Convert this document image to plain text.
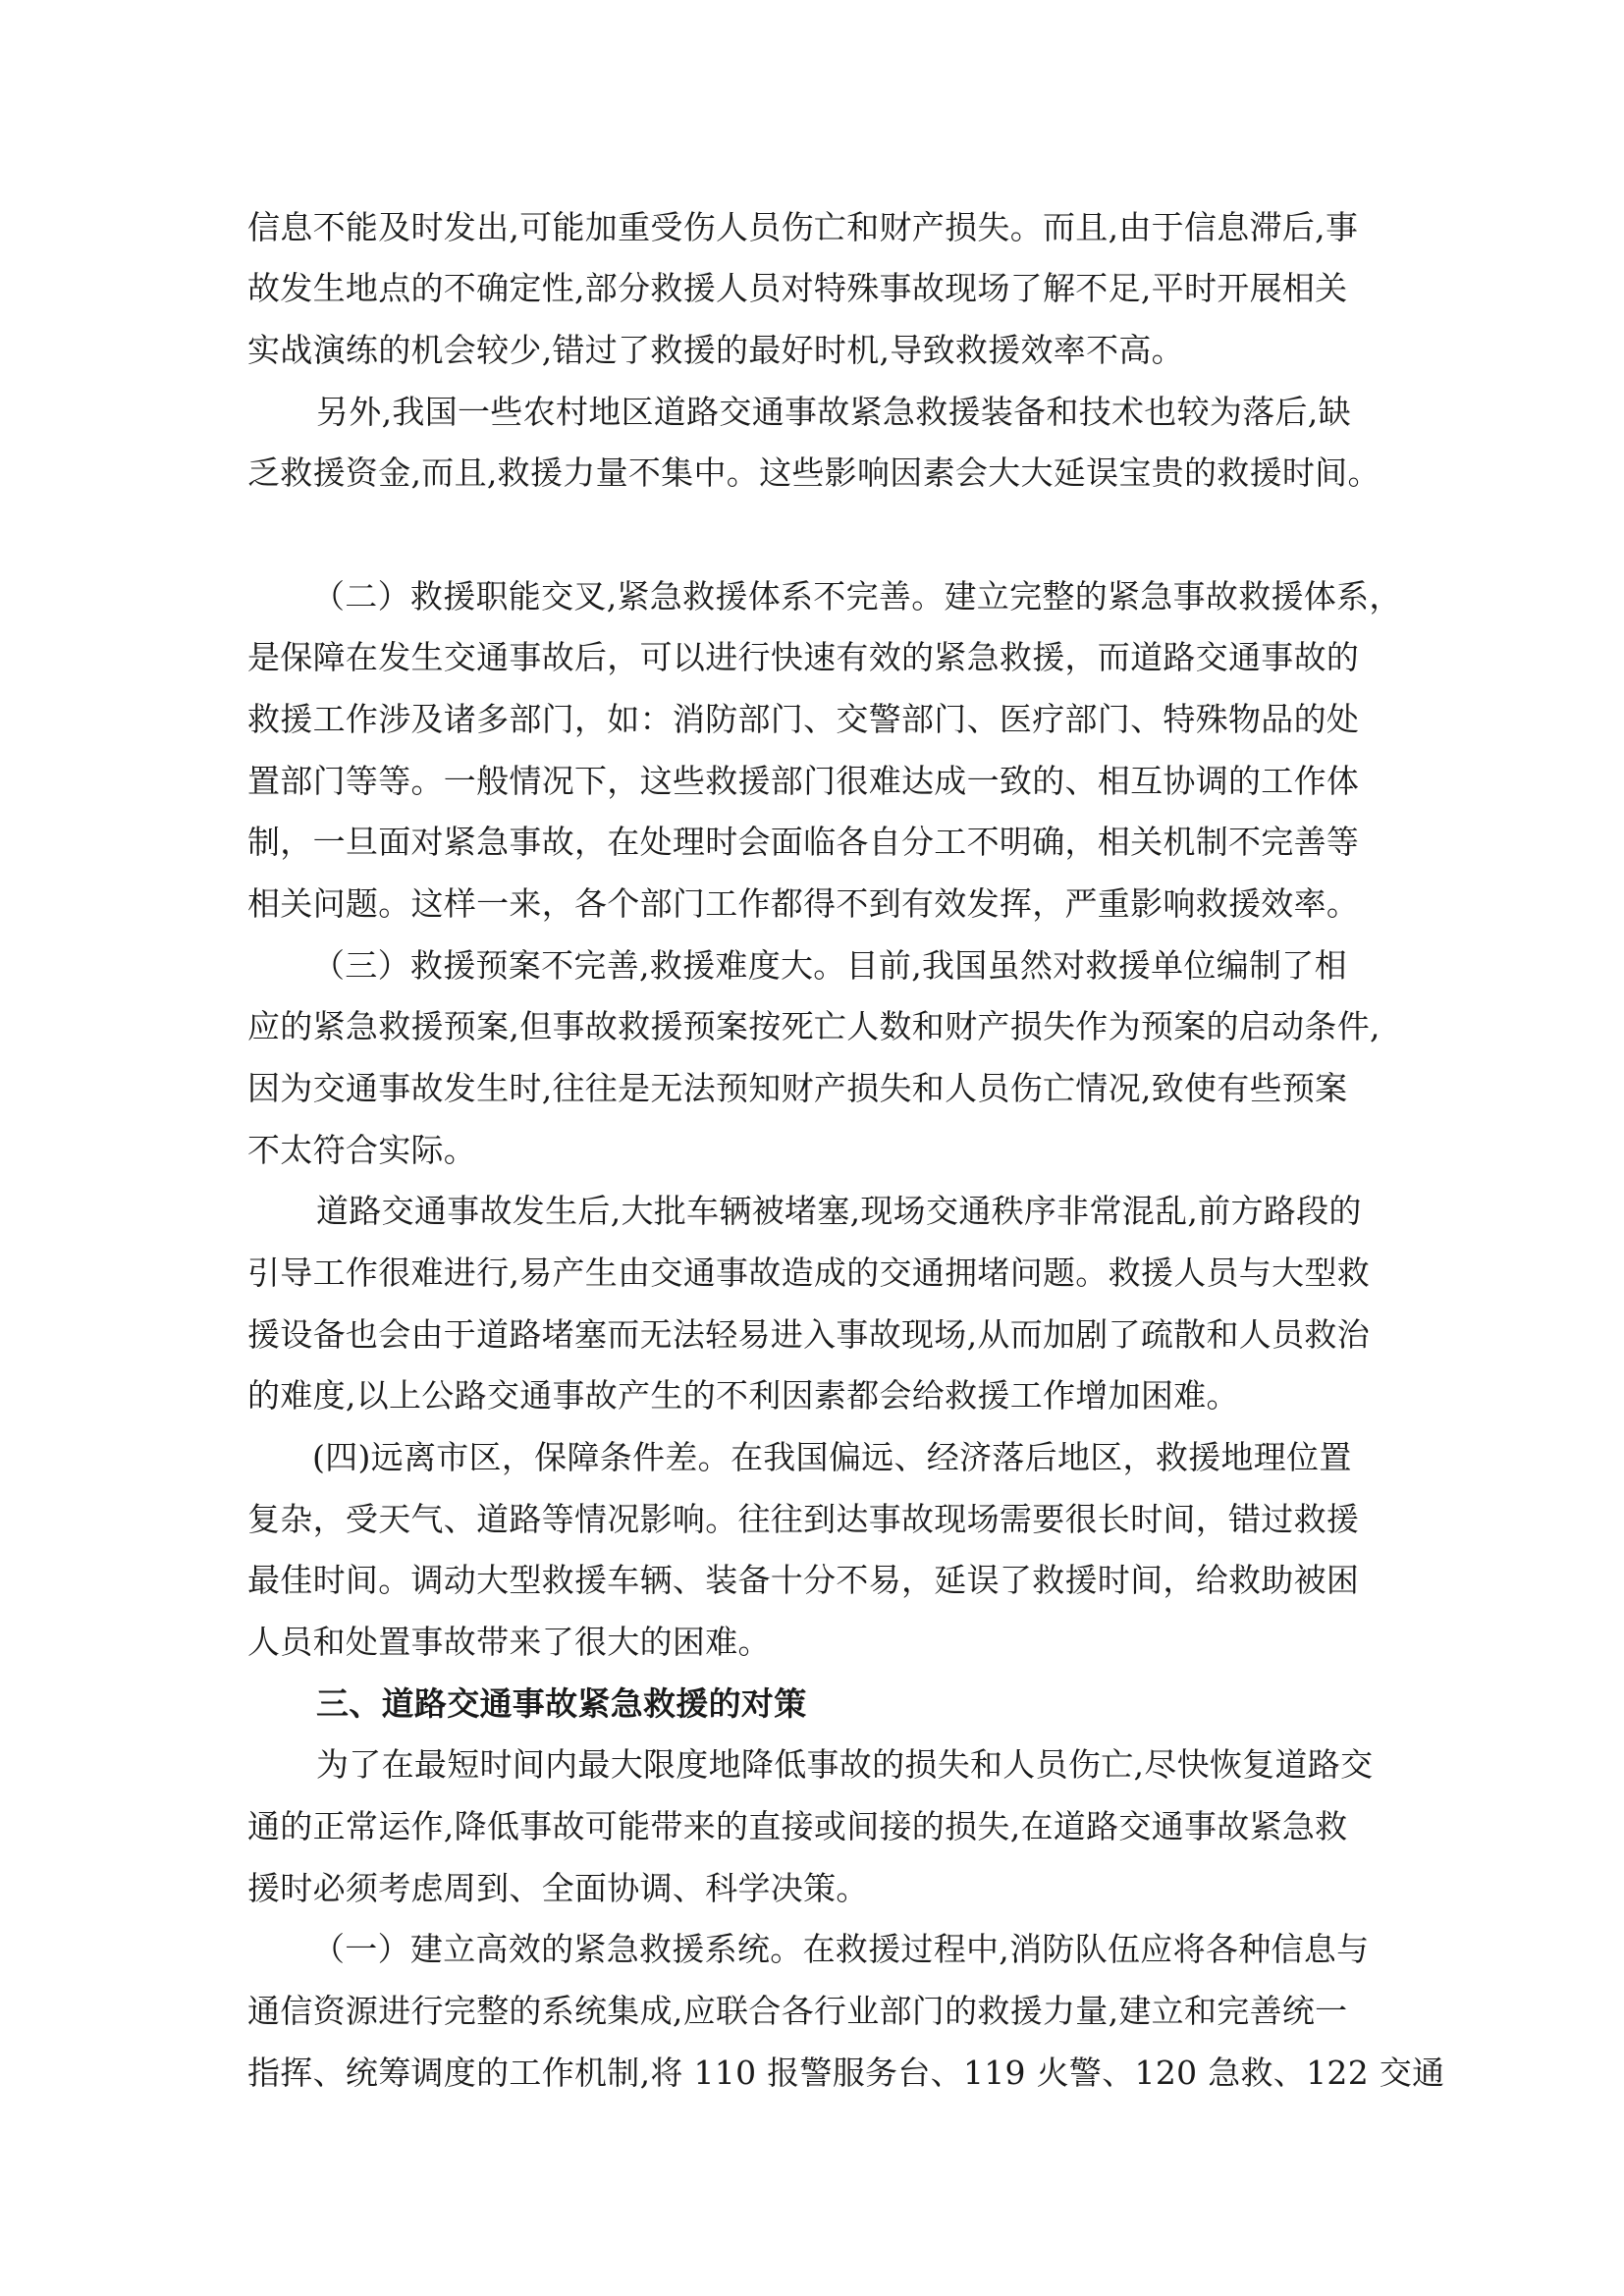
信息不能及时发出,可能加重受伤人员伤亡和财产损失。而且,由于信息滞后,事
故发生地点的不确定性,部分救援人员对特殊事故现场了解不足,平时开展相关
实战演练的机会较少,错过了救援的最好时机,导致救援效率不高。
另外,我国一些农村地区道路交通事故紧急救援装备和技术也较为落后,缺
乏救援资金,而且,救援力量不集中。这些影响因素会大大延误宝贵的救援时间。
（二）救援职能交叉,紧急救援体系不完善。建立完整的紧急事故救援体系，
是保障在发生交通事故后，可以进行快速有效的紧急救援，而道路交通事故的
救援工作涉及诸多部门，如：消防部门、交警部门、医疗部门、特殊物品的处
置部门等等。一般情况下，这些救援部门很难达成一致的、相互协调的工作体
制，一旦面对紧急事故，在处理时会面临各自分工不明确，相关机制不完善等
相关问题。这样一来，各个部门工作都得不到有效发挥，严重影响救援效率。
（三）救援预案不完善,救援难度大。目前,我国虽然对救援单位编制了相
应的紧急救援预案,但事故救援预案按死亡人数和财产损失作为预案的启动条件,
因为交通事故发生时,往往是无法预知财产损失和人员伤亡情况,致使有些预案
不太符合实际。
道路交通事故发生后,大批车辆被堵塞,现场交通秩序非常混乱,前方路段的
引导工作很难进行,易产生由交通事故造成的交通拥堵问题。救援人员与大型救
援设备也会由于道路堵塞而无法轻易进入事故现场,从而加剧了疏散和人员救治
的难度,以上公路交通事故产生的不利因素都会给救援工作增加困难。
(四)远离市区，保障条件差。在我国偏远、经济落后地区，救援地理位置
复杂，受天气、道路等情况影响。往往到达事故现场需要很长时间，错过救援
最佳时间。调动大型救援车辆、装备十分不易，延误了救援时间，给救助被困
人员和处置事故带来了很大的困难。
三、道路交通事故紧急救援的对策
为了在最短时间内最大限度地降低事故的损失和人员伤亡,尽快恢复道路交
通的正常运作,降低事故可能带来的直接或间接的损失,在道路交通事故紧急救
援时必须考虑周到、全面协调、科学决策。
（一）建立高效的紧急救援系统。在救援过程中,消防队伍应将各种信息与
通信资源进行完整的系统集成,应联合各行业部门的救援力量,建立和完善统一
指挥、统筹调度的工作机制,将 110 报警服务台、119 火警、120 急救、122 交通
